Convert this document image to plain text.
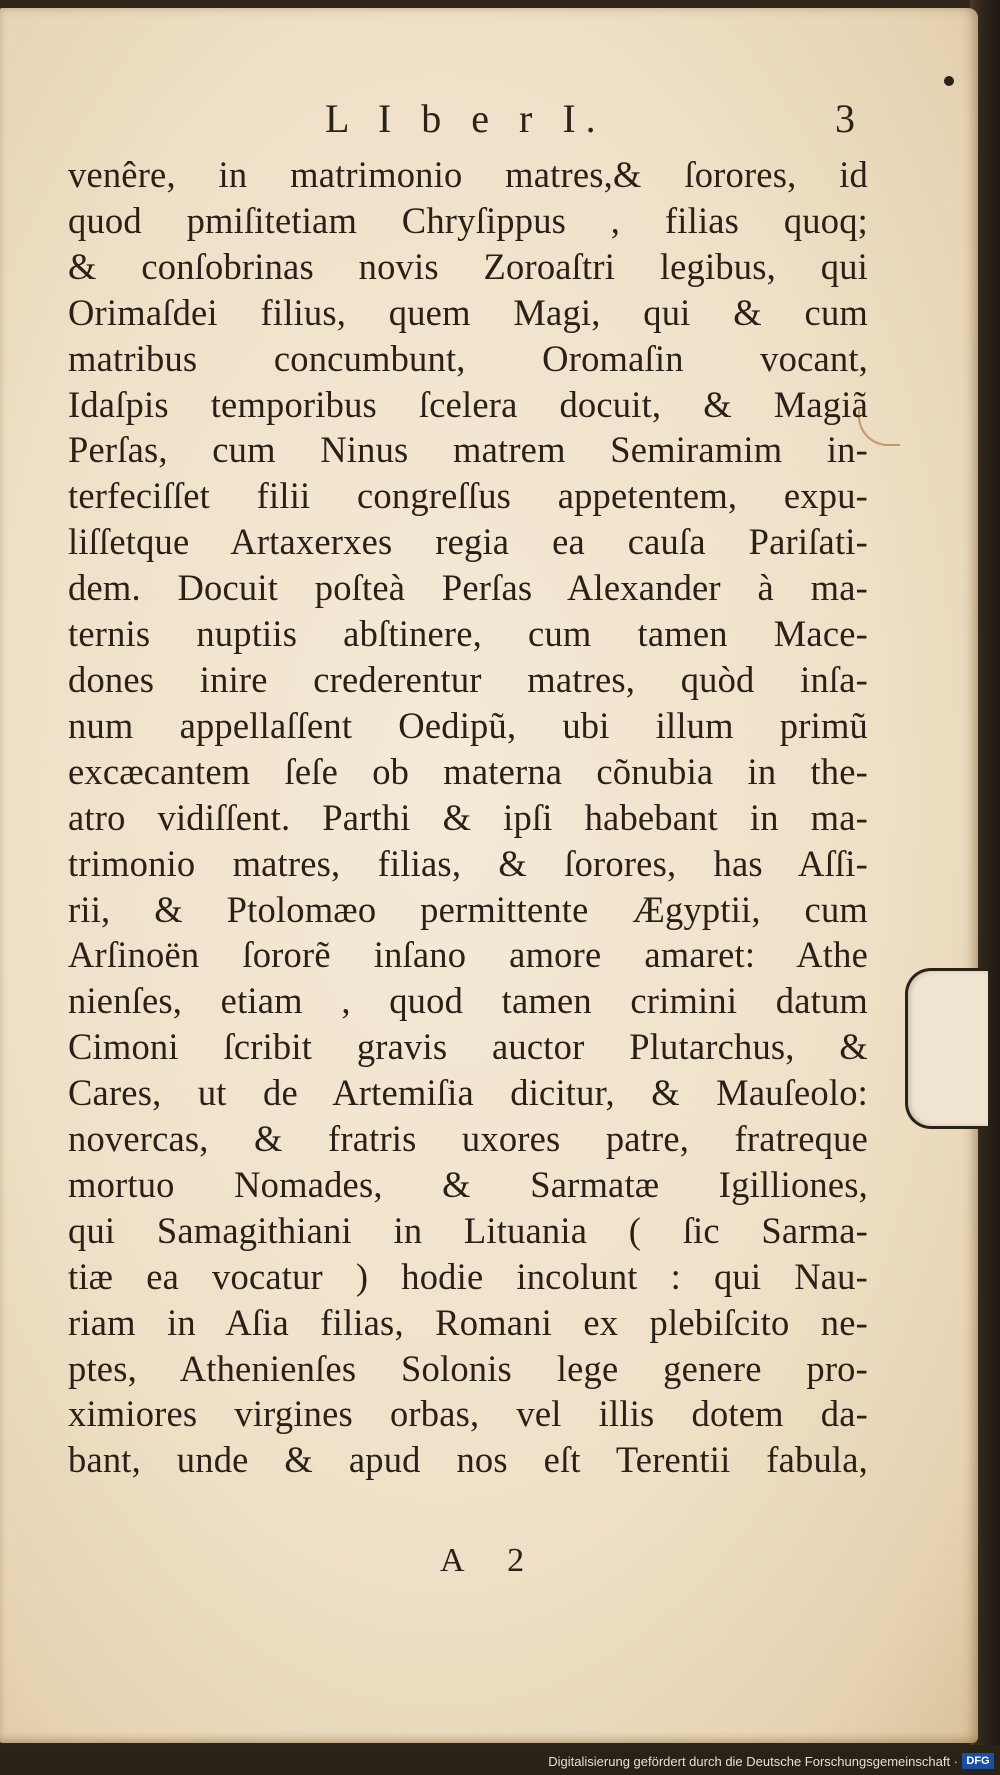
L I b e r I.	3
venêre, in matrimonio matres,& ſorores, id
quod pmiſitetiam Chryſippus , filias quoq;
& conſobrinas novis Zoroaſtri legibus, qui
Orimaſdei filius, quem Magi, qui & cum
matribus concumbunt, Oromaſin vocant,
Idaſpis temporibus ſcelera docuit, & Magiã
Perſas, cum Ninus matrem Semiramim in-
terfeciſſet filii congreſſus appetentem, expu-
liſſetque Artaxerxes regia ea cauſa Pariſati-
dem. Docuit poſteà Perſas Alexander à ma-
ternis nuptiis abſtinere, cum tamen Mace-
dones inire crederentur matres, quòd inſa-
num appellaſſent Oedipũ, ubi illum primũ
excæcantem ſeſe ob materna cõnubia in the-
atro vidiſſent. Parthi & ipſi habebant in ma-
trimonio matres, filias, & ſorores, has Aſſi-
rii, & Ptolomæo permittente Ægyptii, cum
Arſinoën ſororẽ inſano amore amaret: Athe
nienſes, etiam , quod tamen crimini datum
Cimoni ſcribit gravis auctor Plutarchus, &
Cares, ut de Artemiſia dicitur, & Mauſeolo:
novercas, & fratris uxores patre, fratreque
mortuo Nomades, & Sarmatæ Igilliones,
qui Samagithiani in Lituania ( ſic Sarma-
tiæ ea vocatur ) hodie incolunt : qui Nau-
riam in Aſia filias, Romani ex plebiſcito ne-
ptes, Athenienſes Solonis lege genere pro-
ximiores virgines orbas, vel illis dotem da-
bant, unde & apud nos eſt Terentii fabula,
A 2
Digitalisierung gefördert durch die Deutsche Forschungsgemeinschaft · DFG
